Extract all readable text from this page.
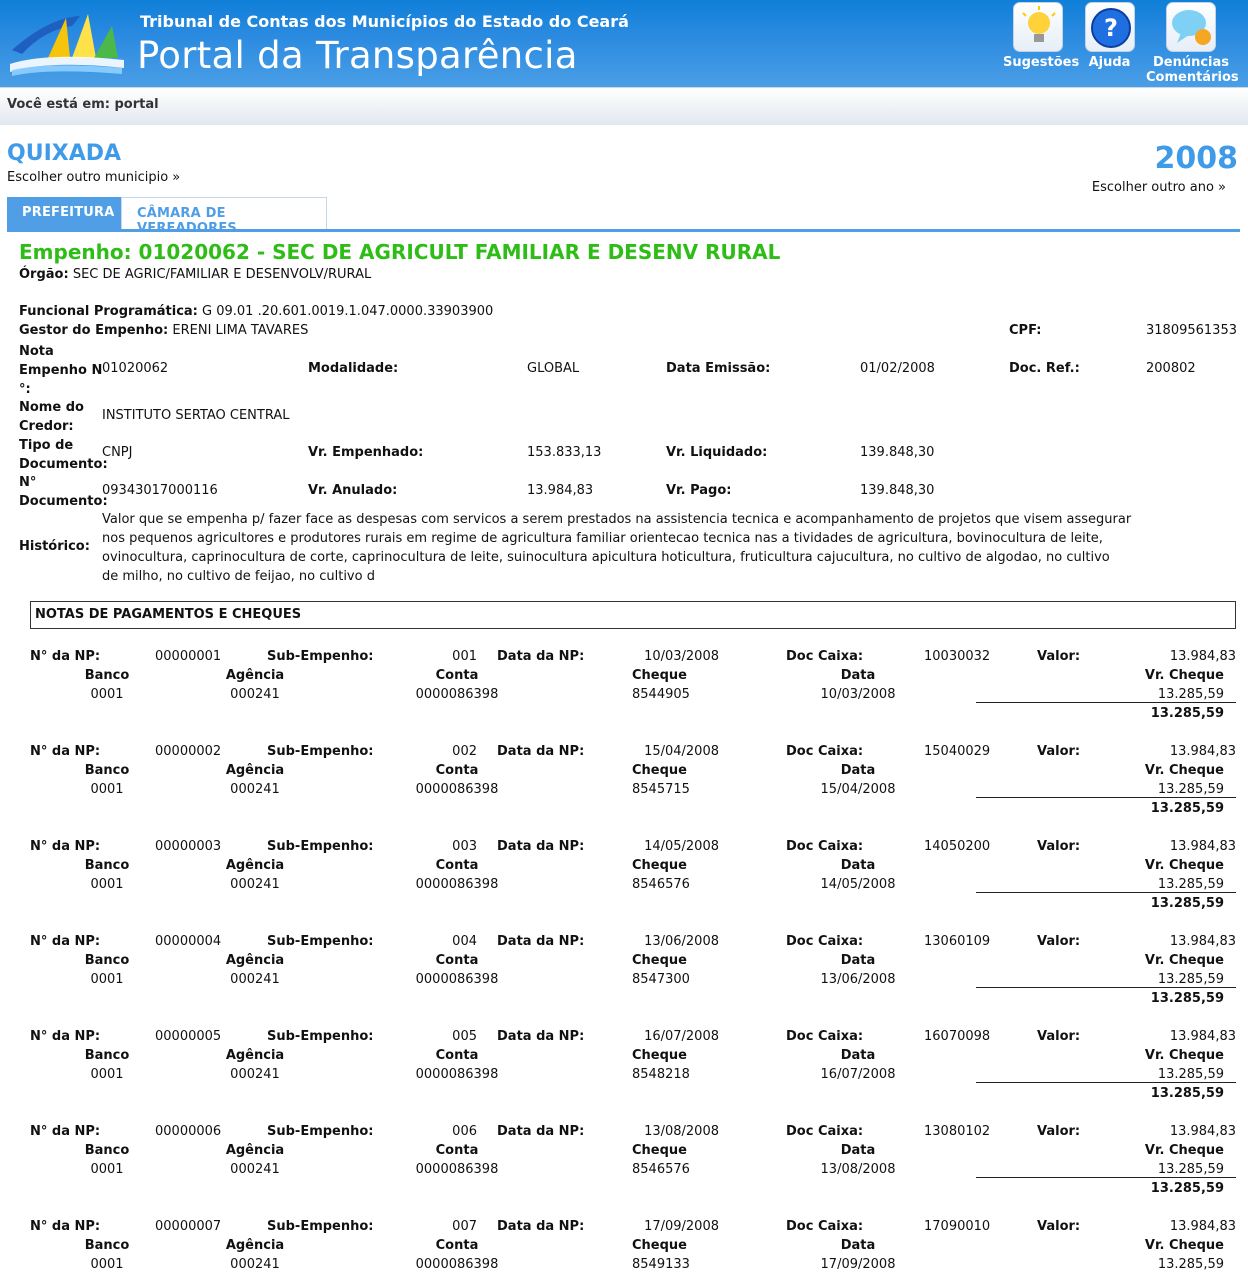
Tribunal de Contas dos Municípios do Estado do Ceará
Portal da Transparência	Sugestões
?
Ajuda	Denúncias
Comentários
Você está em: portal
QUIXADA
Escolher outro municipio »
2008
Escolher outro ano »
PREFEITURA	CÂMARA DE VEREADORES
Empenho: 01020062 - SEC DE AGRICULT FAMILIAR E DESENV RURAL
Órgão: SEC DE AGRIC/FAMILIAR E DESENVOLV/RURAL
Funcional Programática: G 09.01 .20.601.0019.1.047.0000.33903900
Gestor do Empenho: ERENI LIMA TAVARES	CPF:	31809561353
Nota
Empenho N
°:
01020062	Modalidade:	GLOBAL	Data Emissão:	01/02/2008	Doc. Ref.:	200802
Nome do
Credor:
INSTITUTO SERTAO CENTRAL
Tipo de
Documento:
CNPJ	Vr. Empenhado:	153.833,13	Vr. Liquidado:	139.848,30
N°
Documento:
09343017000116	Vr. Anulado:	13.984,83	Vr. Pago:	139.848,30
Histórico:
Valor que se empenha p/ fazer face as despesas com servicos a serem prestados na assistencia tecnica e acompanhamento de projetos que visem assegurar
nos pequenos agricultores e produtores rurais em regime de agricultura familiar orientecao tecnica nas a tividades de agricultura, bovinocultura de leite,
ovinocultura, caprinocultura de corte, caprinocultura de leite, suinocultura apicultura hoticultura, fruticultura cajucultura, no cultivo de algodao, no cultivo
de milho, no cultivo de feijao, no cultivo d
NOTAS DE PAGAMENTOS E CHEQUES
N° da NP:	00000001	Sub-Empenho:	001 Data da NP:	10/03/2008	Doc Caixa:	10030032	Valor:	13.984,83
Banco	Agência	Conta	Cheque	Data	Vr. Cheque
0001	000241	0000086398	8544905	10/03/2008	13.285,59
13.285,59
N° da NP:	00000002	Sub-Empenho:	002 Data da NP:	15/04/2008	Doc Caixa:	15040029	Valor:	13.984,83
Banco	Agência	Conta	Cheque	Data	Vr. Cheque
0001	000241	0000086398	8545715	15/04/2008	13.285,59
13.285,59
N° da NP:	00000003	Sub-Empenho:	003 Data da NP:	14/05/2008	Doc Caixa:	14050200	Valor:	13.984,83
Banco	Agência	Conta	Cheque	Data	Vr. Cheque
0001	000241	0000086398	8546576	14/05/2008	13.285,59
13.285,59
N° da NP:	00000004	Sub-Empenho:	004 Data da NP:	13/06/2008	Doc Caixa:	13060109	Valor:	13.984,83
Banco	Agência	Conta	Cheque	Data	Vr. Cheque
0001	000241	0000086398	8547300	13/06/2008	13.285,59
13.285,59
N° da NP:	00000005	Sub-Empenho:	005 Data da NP:	16/07/2008	Doc Caixa:	16070098	Valor:	13.984,83
Banco	Agência	Conta	Cheque	Data	Vr. Cheque
0001	000241	0000086398	8548218	16/07/2008	13.285,59
13.285,59
N° da NP:	00000006	Sub-Empenho:	006 Data da NP:	13/08/2008	Doc Caixa:	13080102	Valor:	13.984,83
Banco	Agência	Conta	Cheque	Data	Vr. Cheque
0001	000241	0000086398	8546576	13/08/2008	13.285,59
13.285,59
N° da NP:	00000007	Sub-Empenho:	007 Data da NP:	17/09/2008	Doc Caixa:	17090010	Valor:	13.984,83
Banco	Agência	Conta	Cheque	Data	Vr. Cheque
0001	000241	0000086398	8549133	17/09/2008	13.285,59
